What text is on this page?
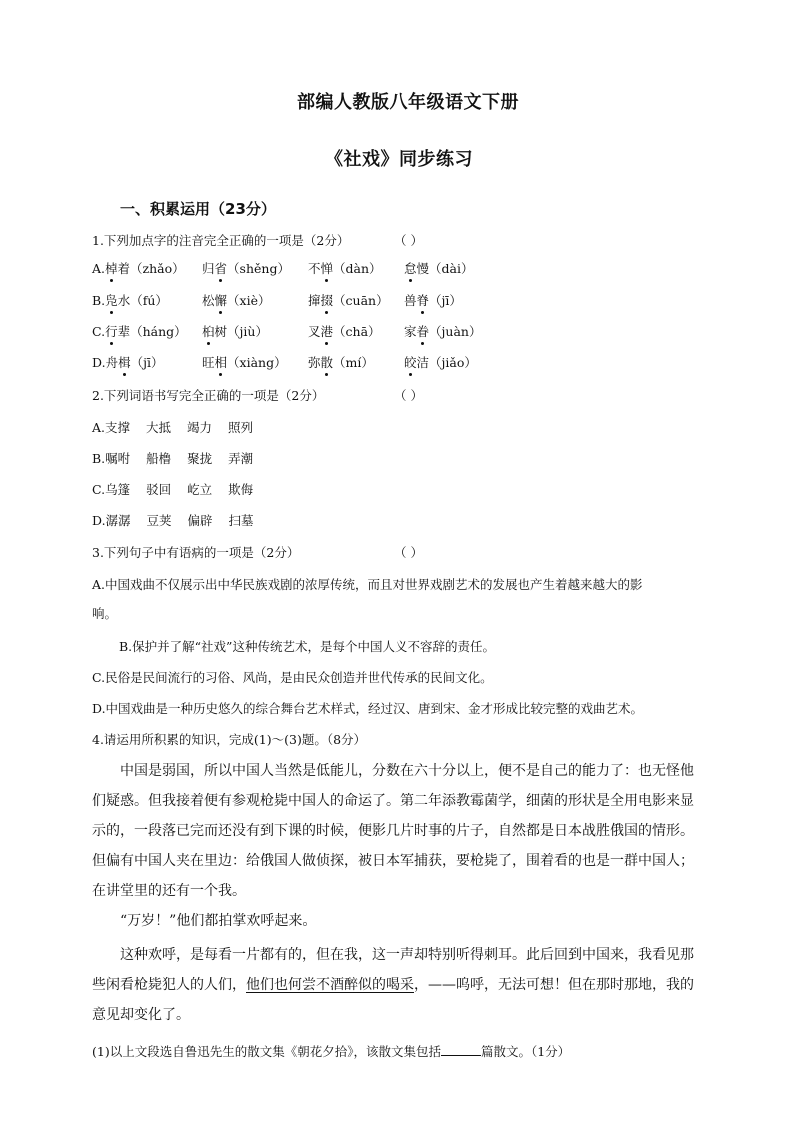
部编人教版八年级语文下册
《社戏》同步练习
一、积累运用（23分）
1.下列加点字的注音完全正确的一项是（2分）	（ ）
A.棹着（zhǎo） 归省（shěng） 不惮（dàn） 怠慢（dài）
B.凫水（fú）	松懈（xiè）	撺掇（cuān） 兽脊（jī）
C.行辈（háng） 桕树（jiù）	叉港（chā） 家眷（juàn）
D.舟楫（jī）	旺相（xiàng） 弥散（mí） 皎洁（jiǎo）
2.下列词语书写完全正确的一项是（2分）	（ ）
A.支撑 大抵 竭力 照列
B.嘱咐 船橹 聚拢 弄潮
C.乌篷 驳回 屹立 欺侮
D.潺潺 豆荚 偏辟 扫墓
3.下列句子中有语病的一项是（2分）	（ ）
A.中国戏曲不仅展示出中华民族戏剧的浓厚传统，而且对世界戏剧艺术的发展也产生着越来越大的影
响。
B.保护并了解“社戏”这种传统艺术，是每个中国人义不容辞的责任。
C.民俗是民间流行的习俗、风尚，是由民众创造并世代传承的民间文化。
D.中国戏曲是一种历史悠久的综合舞台艺术样式，经过汉、唐到宋、金才形成比较完整的戏曲艺术。
4.请运用所积累的知识，完成(1)～(3)题。（8分）
中国是弱国，所以中国人当然是低能儿，分数在六十分以上，便不是自己的能力了：也无怪他们疑惑。但我接着便有参观枪毙中国人的命运了。第二年添教霉菌学，细菌的形状是全用电影来显示的，一段落已完而还没有到下课的时候，便影几片时事的片子，自然都是日本战胜俄国的情形。但偏有中国人夹在里边：给俄国人做侦探，被日本军捕获，要枪毙了，围着看的也是一群中国人；在讲堂里的还有一个我。
“万岁！”他们都拍掌欢呼起来。
这种欢呼，是每看一片都有的，但在我，这一声却特别听得刺耳。此后回到中国来，我看见那些闲看枪毙犯人的人们，他们也何尝不酒醉似的喝采，——呜呼，无法可想！但在那时那地，我的意见却变化了。
(1)以上文段选自鲁迅先生的散文集《朝花夕拾》，该散文集包括	篇散文。（1分）
